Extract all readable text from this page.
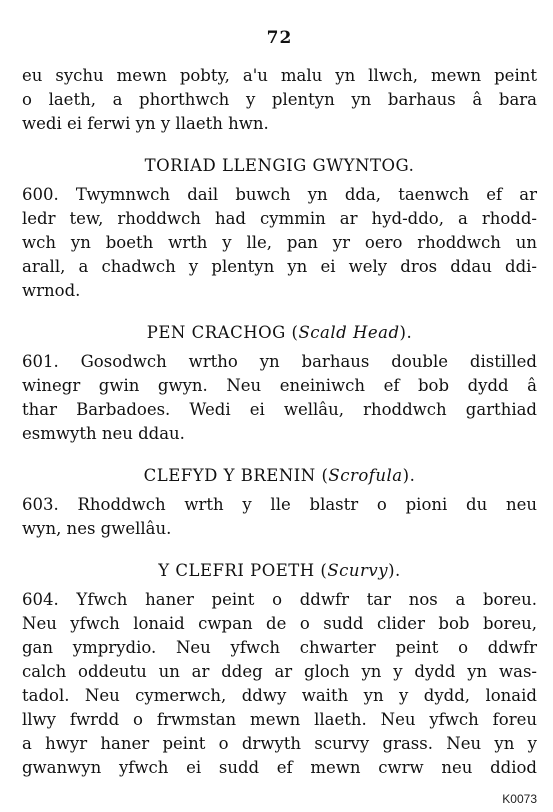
72
eu sychu mewn pobty, a'u malu yn llwch, mewn peint
o laeth, a phorthwch y plentyn yn barhaus â bara
wedi ei ferwi yn y llaeth hwn.
TORIAD LLENGIG GWYNTOG.
600. Twymnwch dail buwch yn dda, taenwch ef ar
ledr tew, rhoddwch had cymmin ar hyd-ddo, a rhodd-
wch yn boeth wrth y lle, pan yr oero rhoddwch un
arall, a chadwch y plentyn yn ei wely dros ddau ddi-
wrnod.
PEN CRACHOG (Scald Head).
601. Gosodwch wrtho yn barhaus double distilled
winegr gwin gwyn. Neu eneiniwch ef bob dydd â
thar Barbadoes. Wedi ei wellâu, rhoddwch garthiad
esmwyth neu ddau.
CLEFYD Y BRENIN (Scrofula).
603. Rhoddwch wrth y lle blastr o pioni du neu
wyn, nes gwellâu.
Y CLEFRI POETH (Scurvy).
604. Yfwch haner peint o ddwfr tar nos a boreu.
Neu yfwch lonaid cwpan de o sudd clider bob boreu,
gan ymprydio. Neu yfwch chwarter peint o ddwfr
calch oddeutu un ar ddeg ar gloch yn y dydd yn was-
tadol. Neu cymerwch, ddwy waith yn y dydd, lonaid
llwy fwrdd o frwmstan mewn llaeth. Neu yfwch foreu
a hwyr haner peint o drwyth scurvy grass. Neu yn y
gwanwyn yfwch ei sudd ef mewn cwrw neu ddiod
K0073
